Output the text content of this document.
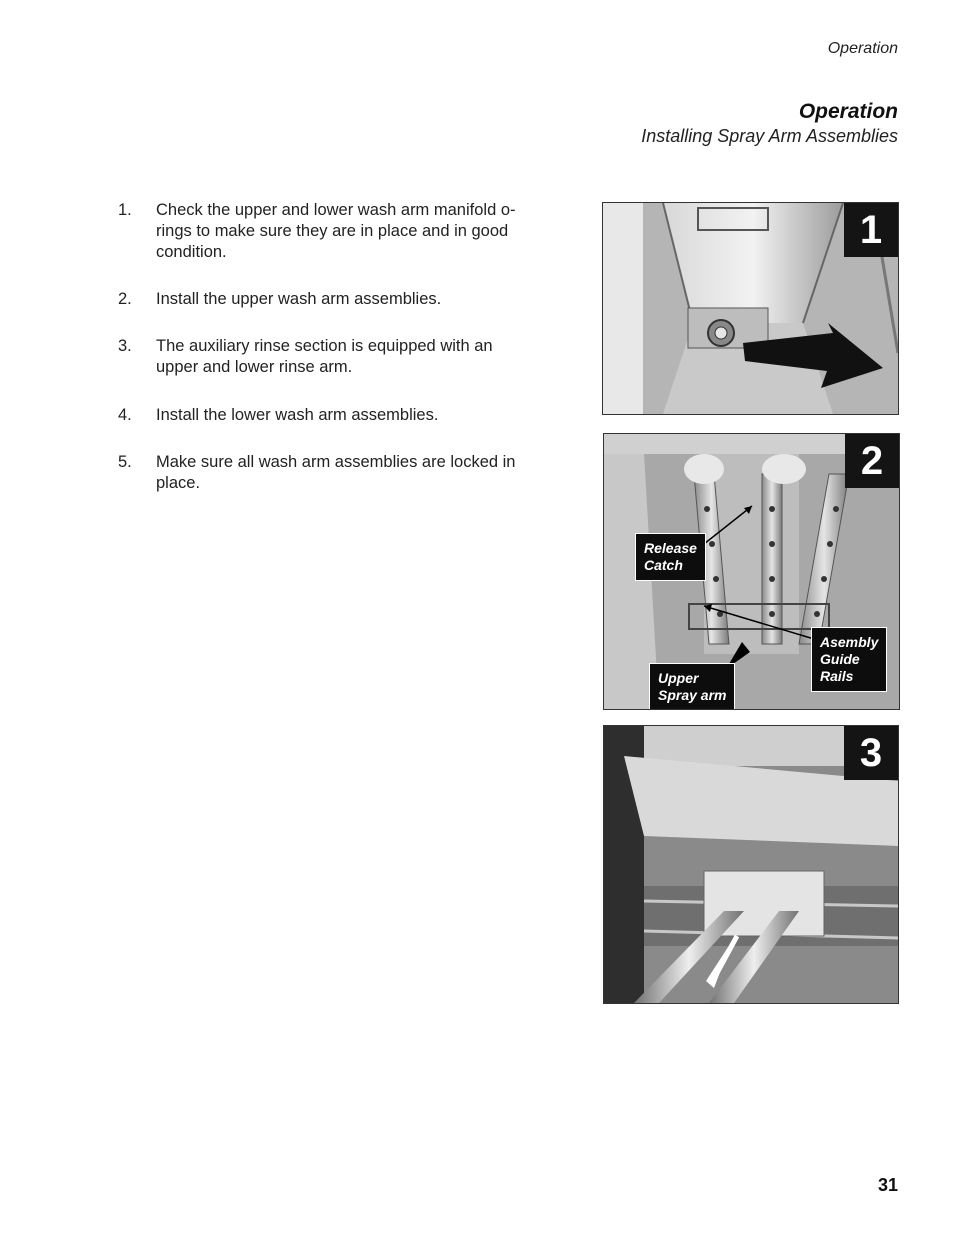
Operation
Operation
Installing Spray Arm Assemblies
1.	Check the upper and lower wash arm manifold o-rings to make sure they are in place and in good condition.
2.	Install the upper wash arm assemblies.
3.	The auxiliary rinse section is equipped with an upper and lower rinse arm.
4.	Install the lower wash arm assemblies.
5.	Make sure all wash arm assemblies are locked in place.
1
2
Release
Catch
Upper
Spray arm
Asembly
Guide
Rails
3
31
